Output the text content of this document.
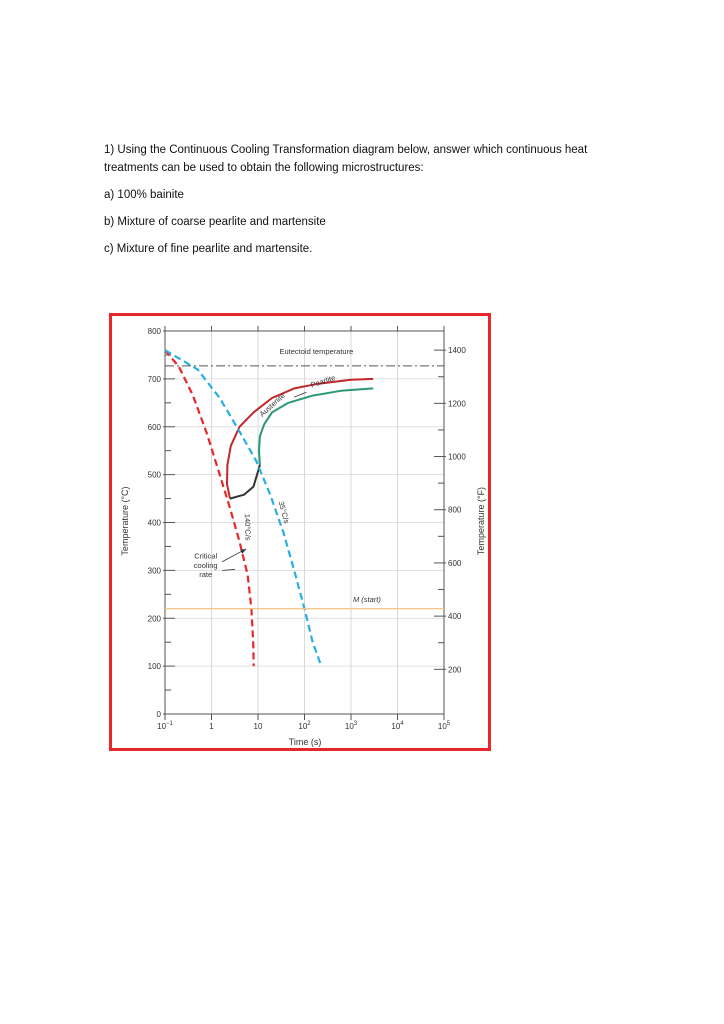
1) Using the Continuous Cooling Transformation diagram below, answer which continuous heat treatments can be used to obtain the following microstructures:
a) 100% bainite
b) Mixture of coarse pearlite and martensite
c) Mixture of fine pearlite and martensite.
$10^{-1}$	1	10	$10^2$	$10^3$	$10^4$	$10^5$
0
100
200
300
400
500
600
700
800
200
400
600
800
1000
1200
1400
Eutectoid temperature
Austenite
Pearlite
140°C/s
35°C/s
Critical
cooling
rate
M (start)
Time (s)
Temperature (°C)	Temperature (°F)
